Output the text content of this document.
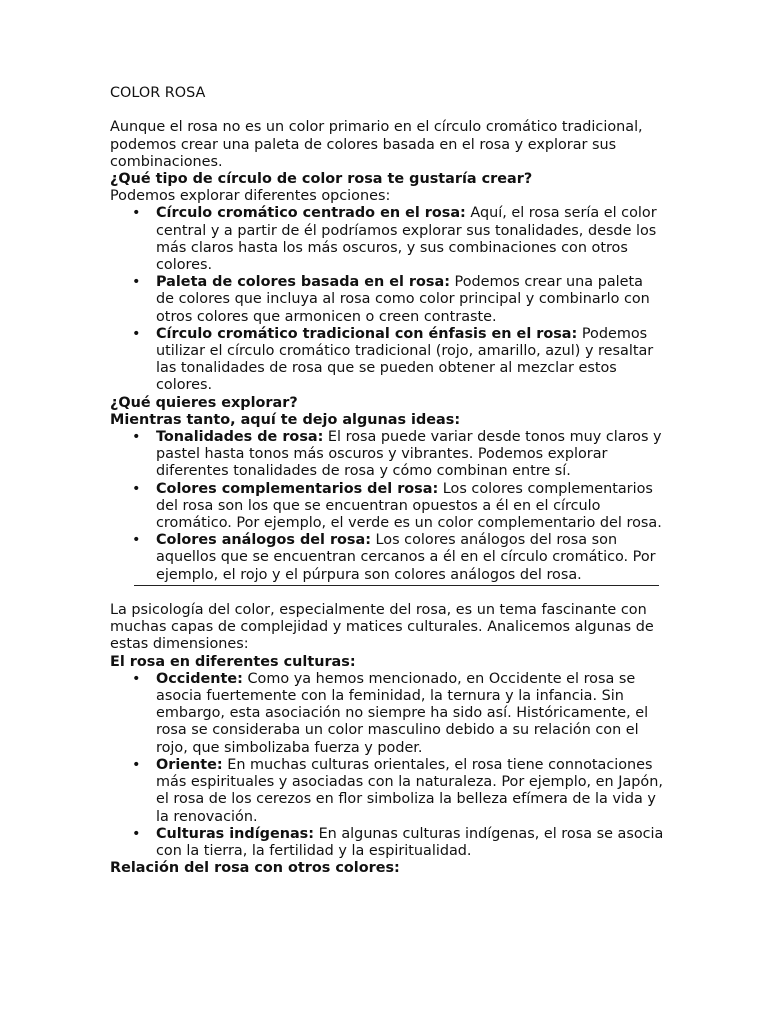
COLOR ROSA

Aunque el rosa no es un color primario en el círculo cromático tradicional, podemos crear una paleta de colores basada en el rosa y explorar sus combinaciones.

¿Qué tipo de círculo de color rosa te gustaría crear?

Podemos explorar diferentes opciones:

• Círculo cromático centrado en el rosa: Aquí, el rosa sería el color central y a partir de él podríamos explorar sus tonalidades, desde los más claros hasta los más oscuros, y sus combinaciones con otros colores.
• Paleta de colores basada en el rosa: Podemos crear una paleta de colores que incluya al rosa como color principal y combinarlo con otros colores que armonicen o creen contraste.
• Círculo cromático tradicional con énfasis en el rosa: Podemos utilizar el círculo cromático tradicional (rojo, amarillo, azul) y resaltar las tonalidades de rosa que se pueden obtener al mezclar estos colores.

¿Qué quieres explorar?

Mientras tanto, aquí te dejo algunas ideas:

• Tonalidades de rosa: El rosa puede variar desde tonos muy claros y pastel hasta tonos más oscuros y vibrantes. Podemos explorar diferentes tonalidades de rosa y cómo combinan entre sí.
• Colores complementarios del rosa: Los colores complementarios del rosa son los que se encuentran opuestos a él en el círculo cromático. Por ejemplo, el verde es un color complementario del rosa.
• Colores análogos del rosa: Los colores análogos del rosa son aquellos que se encuentran cercanos a él en el círculo cromático. Por ejemplo, el rojo y el púrpura son colores análogos del rosa.

La psicología del color, especialmente del rosa, es un tema fascinante con muchas capas de complejidad y matices culturales. Analicemos algunas de estas dimensiones:

El rosa en diferentes culturas:

• Occidente: Como ya hemos mencionado, en Occidente el rosa se asocia fuertemente con la feminidad, la ternura y la infancia. Sin embargo, esta asociación no siempre ha sido así. Históricamente, el rosa se consideraba un color masculino debido a su relación con el rojo, que simbolizaba fuerza y poder.
• Oriente: En muchas culturas orientales, el rosa tiene connotaciones más espirituales y asociadas con la naturaleza. Por ejemplo, en Japón, el rosa de los cerezos en flor simboliza la belleza efímera de la vida y la renovación.
• Culturas indígenas: En algunas culturas indígenas, el rosa se asocia con la tierra, la fertilidad y la espiritualidad.

Relación del rosa con otros colores:
